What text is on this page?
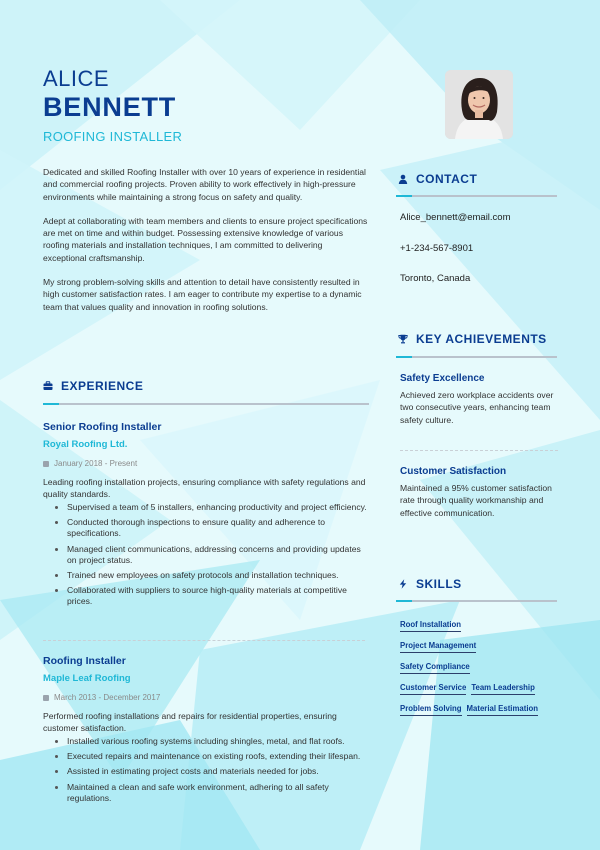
ALICE
BENNETT
ROOFING INSTALLER

Dedicated and skilled Roofing Installer with over 10 years of experience in residential and commercial roofing projects. Proven ability to work effectively in high-pressure environments while maintaining a strong focus on safety and quality.

Adept at collaborating with team members and clients to ensure project specifications are met on time and within budget. Possessing extensive knowledge of various roofing materials and installation techniques, I am committed to delivering exceptional craftsmanship.

My strong problem-solving skills and attention to detail have consistently resulted in high customer satisfaction rates. I am eager to contribute my expertise to a dynamic team that values quality and innovation in roofing solutions.

EXPERIENCE
Senior Roofing Installer
Royal Roofing Ltd.
January 2018 - Present
Leading roofing installation projects, ensuring compliance with safety regulations and quality standards.
Supervised a team of 5 installers, enhancing productivity and project efficiency.
Conducted thorough inspections to ensure quality and adherence to specifications.
Managed client communications, addressing concerns and providing updates on project status.
Trained new employees on safety protocols and installation techniques.
Collaborated with suppliers to source high-quality materials at competitive prices.
Roofing Installer
Maple Leaf Roofing
March 2013 - December 2017
Performed roofing installations and repairs for residential properties, ensuring customer satisfaction.
Installed various roofing systems including shingles, metal, and flat roofs.
Executed repairs and maintenance on existing roofs, extending their lifespan.
Assisted in estimating project costs and materials needed for jobs.
Maintained a clean and safe work environment, adhering to all safety regulations.
CONTACT
Alice_bennett@email.com
+1-234-567-8901
Toronto, Canada
KEY ACHIEVEMENTS
Safety Excellence
Achieved zero workplace accidents over two consecutive years, enhancing team safety culture.
Customer Satisfaction
Maintained a 95% customer satisfaction rate through quality workmanship and effective communication.
SKILLS
Roof Installation
Project Management
Safety Compliance
Customer Service Team Leadership
Problem Solving Material Estimation
